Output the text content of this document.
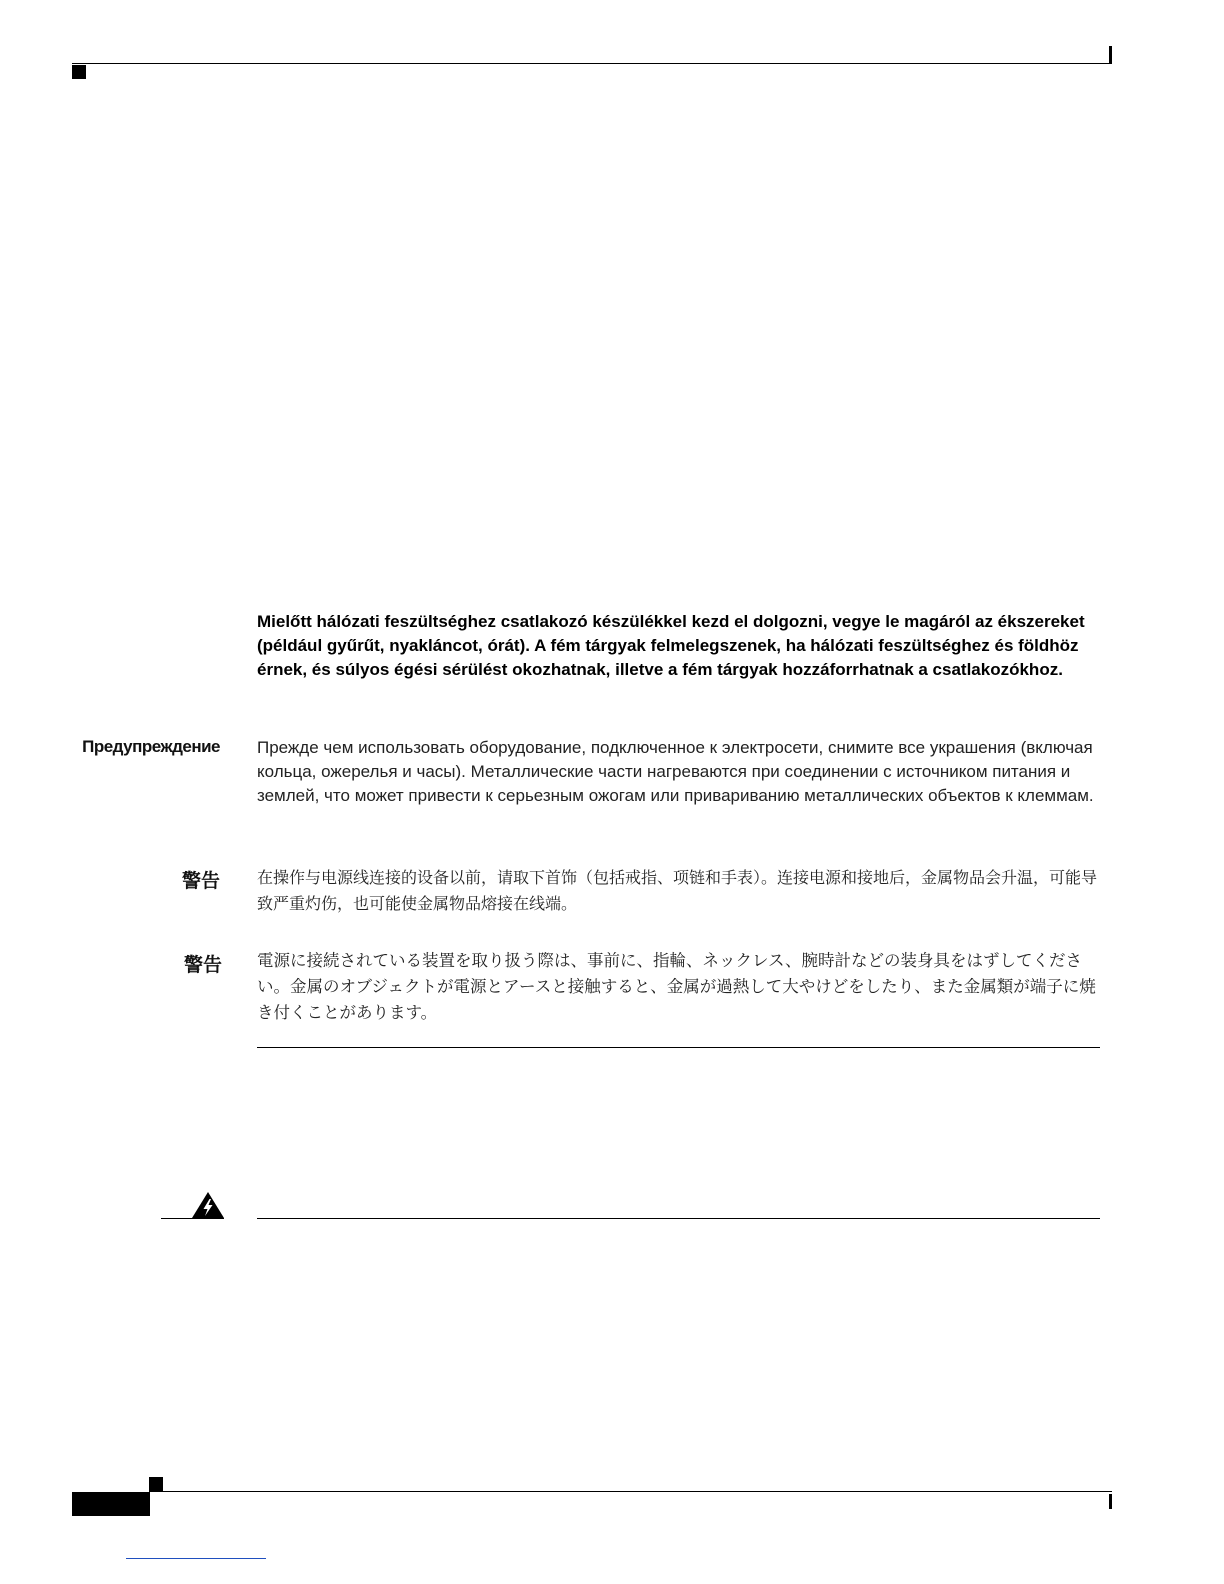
Mielőtt hálózati feszültséghez csatlakozó készülékkel kezd el dolgozni, vegye le magáról az ékszereket (például gyűrűt, nyakláncot, órát). A fém tárgyak felmelegszenek, ha hálózati feszültséghez és földhöz érnek, és súlyos égési sérülést okozhatnak, illetve a fém tárgyak hozzáforrhatnak a csatlakozókhoz.
Предупреждение Прежде чем использовать оборудование, подключенное к электросети, снимите все украшения (включая кольца, ожерелья и часы). Металлические части нагреваются при соединении с источником питания и землей, что может привести к серьезным ожогам или привариванию металлических объектов к клеммам.
警告 在操作与电源线连接的设备以前，请取下首饰（包括戒指、项链和手表）。连接电源和接地后，金属物品会升温，可能导致严重灼伤，也可能使金属物品熔接在线端。
警告 電源に接続されている装置を取り扱う際は、事前に、指輪、ネックレス、腕時計などの装身具をはずしてください。金属のオブジェクトが電源とアースと接触すると、金属が過熱して大やけどをしたり、また金属類が端子に焼き付くことがあります。
